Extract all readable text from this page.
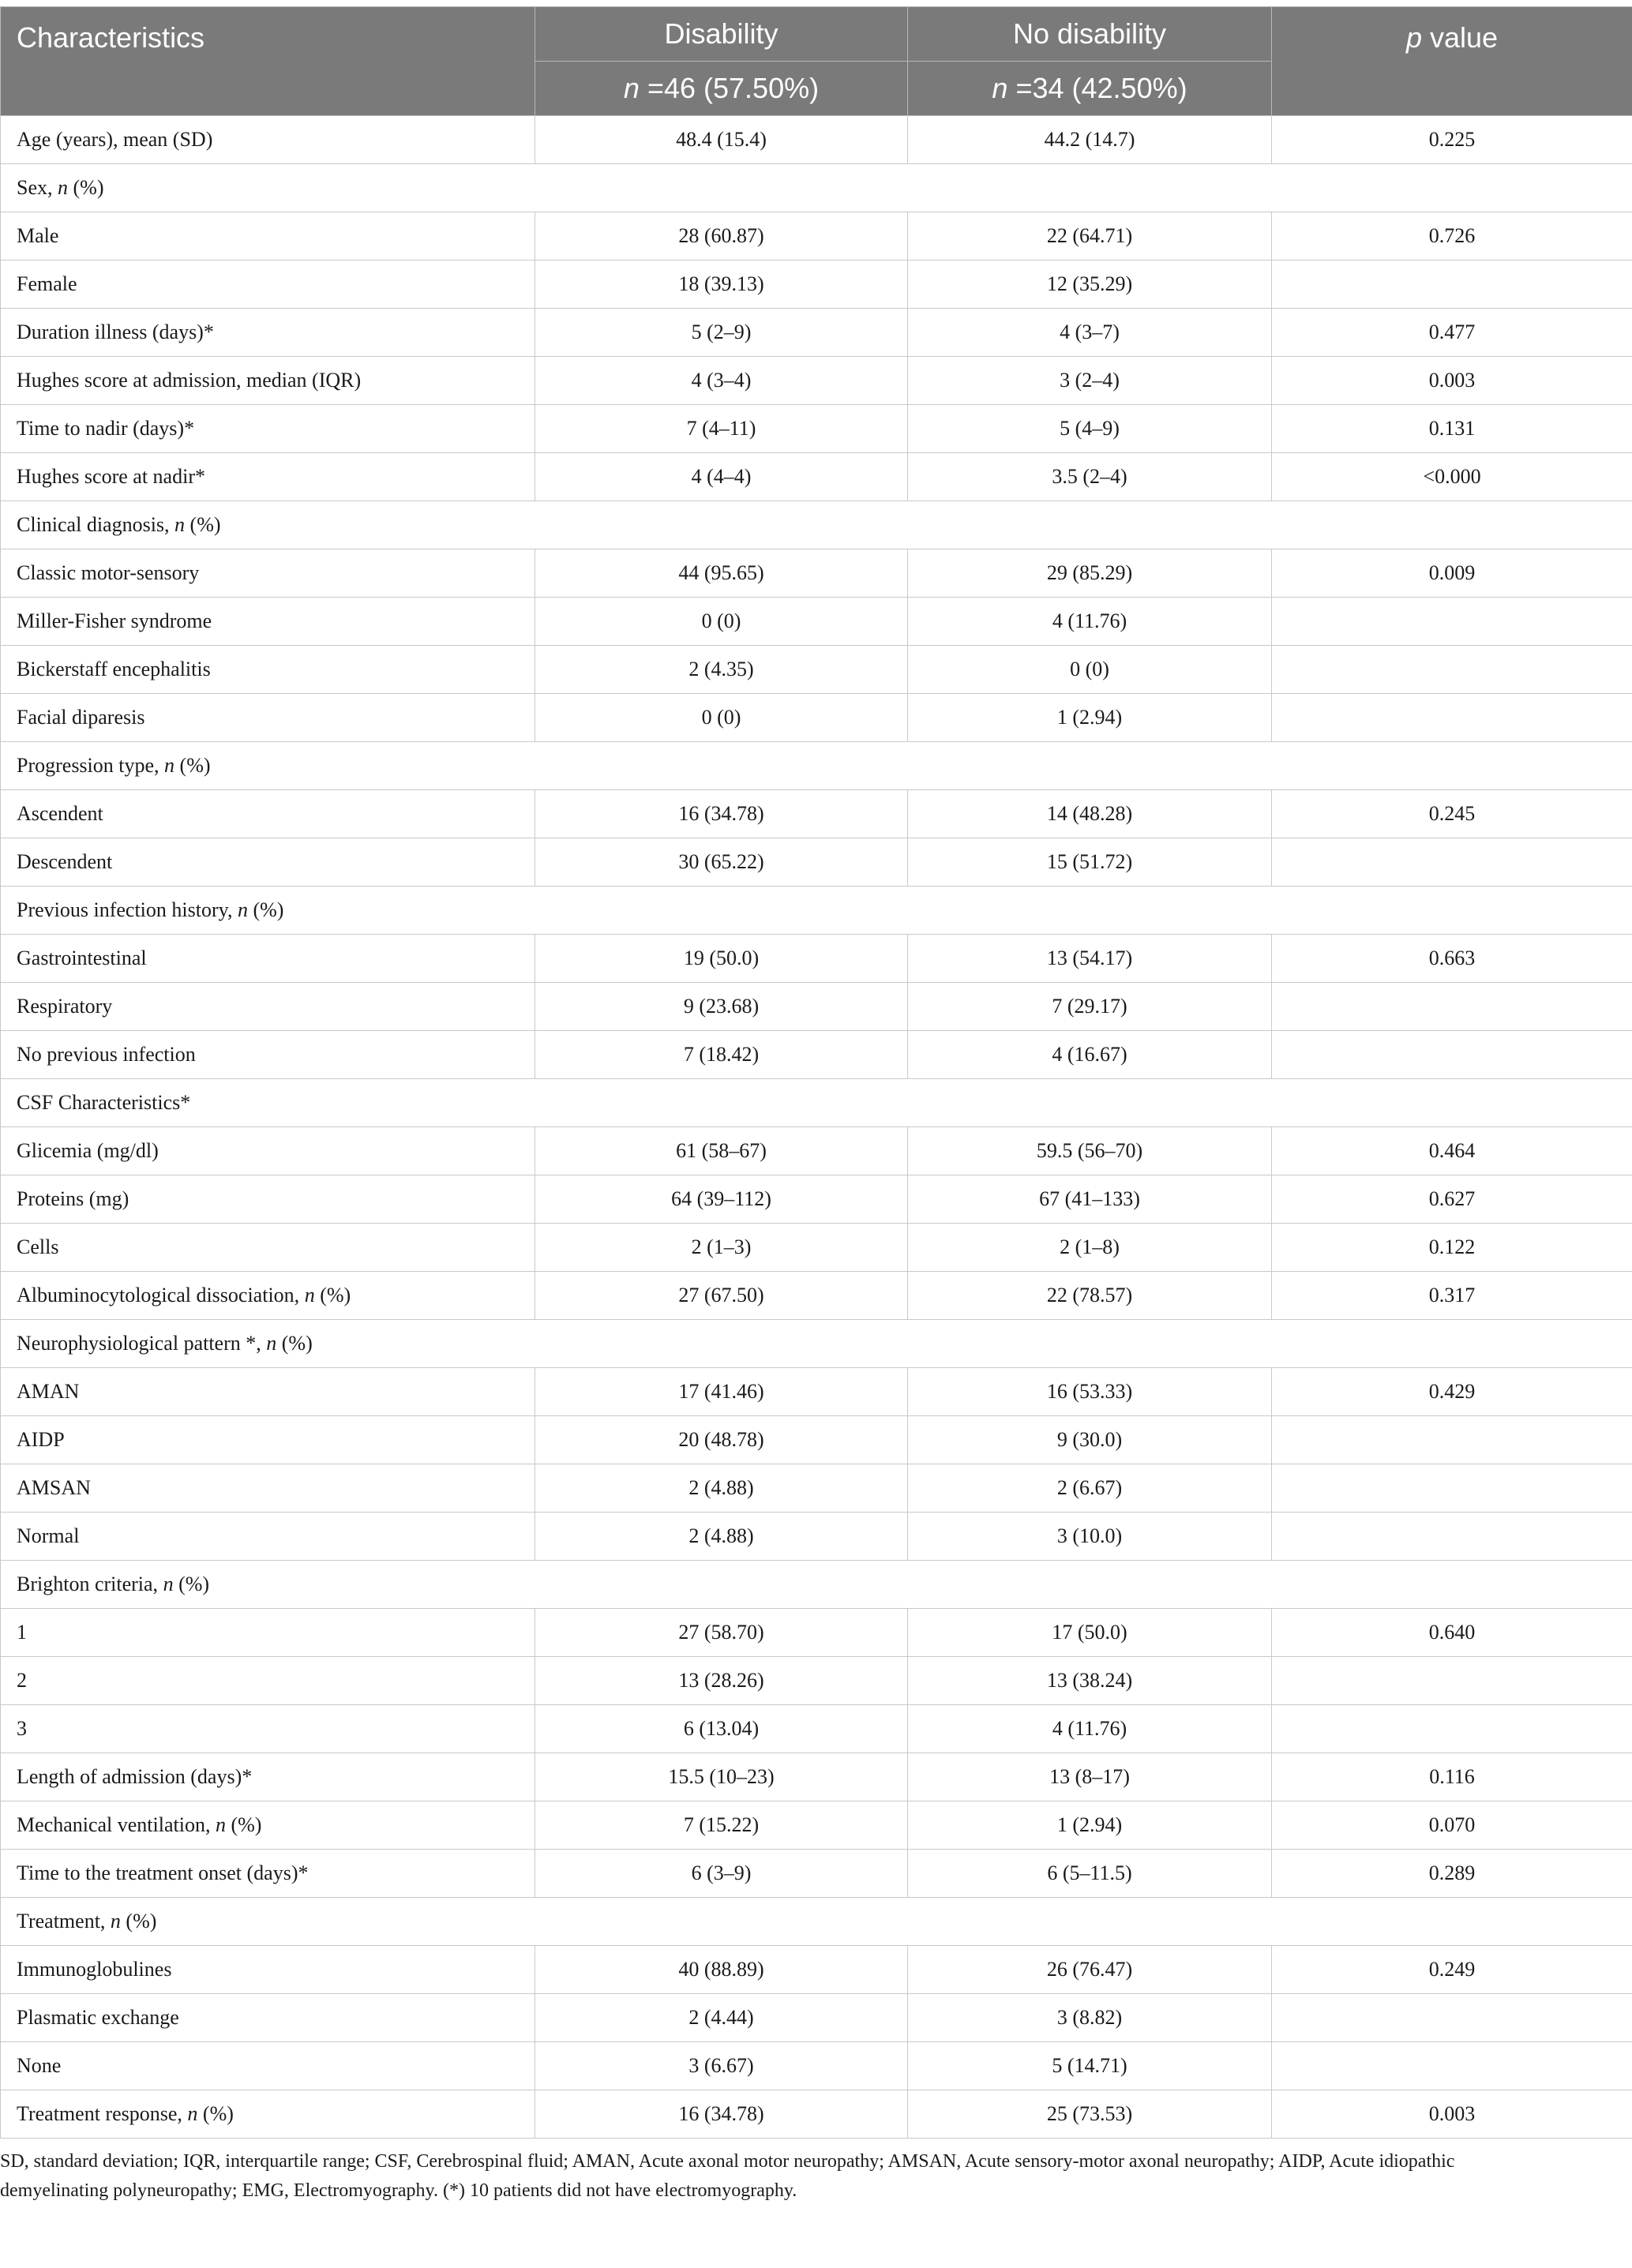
Characteristics	Disability	No disability	p value
	n =46 (57.50%)	n =34 (42.50%)	
Age (years), mean (SD)	48.4 (15.4)	44.2 (14.7)	0.225
Sex, n (%)			
Male	28 (60.87)	22 (64.71)	0.726
Female	18 (39.13)	12 (35.29)	
Duration illness (days)*	5 (2–9)	4 (3–7)	0.477
Hughes score at admission, median (IQR)	4 (3–4)	3 (2–4)	0.003
Time to nadir (days)*	7 (4–11)	5 (4–9)	0.131
Hughes score at nadir*	4 (4–4)	3.5 (2–4)	<0.000
Clinical diagnosis, n (%)			
Classic motor-sensory	44 (95.65)	29 (85.29)	0.009
Miller-Fisher syndrome	0 (0)	4 (11.76)	
Bickerstaff encephalitis	2 (4.35)	0 (0)	
Facial diparesis	0 (0)	1 (2.94)	
Progression type, n (%)			
Ascendent	16 (34.78)	14 (48.28)	0.245
Descendent	30 (65.22)	15 (51.72)	
Previous infection history, n (%)			
Gastrointestinal	19 (50.0)	13 (54.17)	0.663
Respiratory	9 (23.68)	7 (29.17)	
No previous infection	7 (18.42)	4 (16.67)	
CSF Characteristics*			
Glicemia (mg/dl)	61 (58–67)	59.5 (56–70)	0.464
Proteins (mg)	64 (39–112)	67 (41–133)	0.627
Cells	2 (1–3)	2 (1–8)	0.122
Albuminocytological dissociation, n (%)	27 (67.50)	22 (78.57)	0.317
Neurophysiological pattern *, n (%)			
AMAN	17 (41.46)	16 (53.33)	0.429
AIDP	20 (48.78)	9 (30.0)	
AMSAN	2 (4.88)	2 (6.67)	
Normal	2 (4.88)	3 (10.0)	
Brighton criteria, n (%)			
1	27 (58.70)	17 (50.0)	0.640
2	13 (28.26)	13 (38.24)	
3	6 (13.04)	4 (11.76)	
Length of admission (days)*	15.5 (10–23)	13 (8–17)	0.116
Mechanical ventilation, n (%)	7 (15.22)	1 (2.94)	0.070
Time to the treatment onset (days)*	6 (3–9)	6 (5–11.5)	0.289
Treatment, n (%)			
Immunoglobulines	40 (88.89)	26 (76.47)	0.249
Plasmatic exchange	2 (4.44)	3 (8.82)	
None	3 (6.67)	5 (14.71)	
Treatment response, n (%)	16 (34.78)	25 (73.53)	0.003
SD, standard deviation; IQR, interquartile range; CSF, Cerebrospinal fluid; AMAN, Acute axonal motor neuropathy; AMSAN, Acute sensory-motor axonal neuropathy; AIDP, Acute idiopathic
demyelinating polyneuropathy; EMG, Electromyography. (*) 10 patients did not have electromyography.
